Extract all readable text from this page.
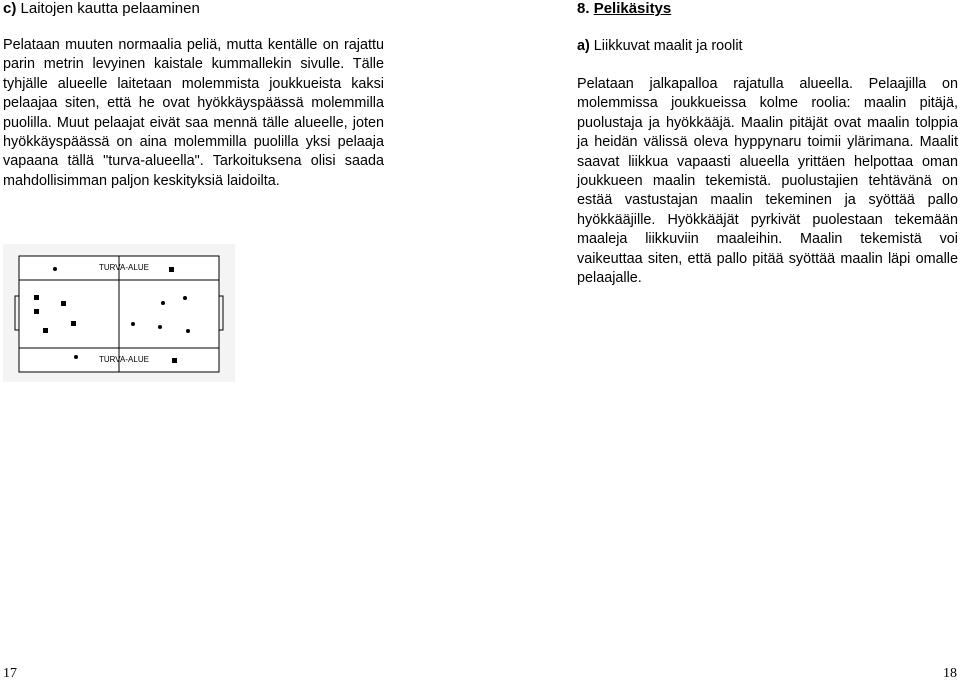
c) Laitojen kautta pelaaminen

Pelataan muuten normaalia peliä, mutta kentälle on rajattu parin metrin levyinen kaistale kummallekin sivulle. Tälle tyhjälle alueelle laitetaan molemmista joukkueista kaksi pelaajaa siten, että he ovat hyökkäyspäässä molemmilla puolilla. Muut pelaajat eivät saa mennä tälle alueelle, joten hyökkäyspäässä on aina molemmilla puolilla yksi pelaaja vapaana tällä "turva-alueella". Tarkoituksena olisi saada mahdollisimman paljon keskityksiä laidoilta.

TURVA-ALUE
TURVA-ALUE
8. Pelikäsitys
a) Liikkuvat maalit ja roolit

Pelataan jalkapalloa rajatulla alueella. Pelaajilla on molemmissa joukkueissa kolme roolia: maalin pitäjä, puolustaja ja hyökkääjä. Maalin pitäjät ovat maalin tolppia ja heidän välissä oleva hyppynaru toimii ylärimana. Maalit saavat liikkua vapaasti alueella yrittäen helpottaa oman joukkueen maalin tekemistä. puolustajien tehtävänä on estää vastustajan maalin tekeminen ja syöttää pallo hyökkääjille. Hyökkääjät pyrkivät puolestaan tekemään maaleja liikkuviin maaleihin. Maalin tekemistä voi vaikeuttaa siten, että pallo pitää syöttää maalin läpi omalle pelaajalle.

17	18
